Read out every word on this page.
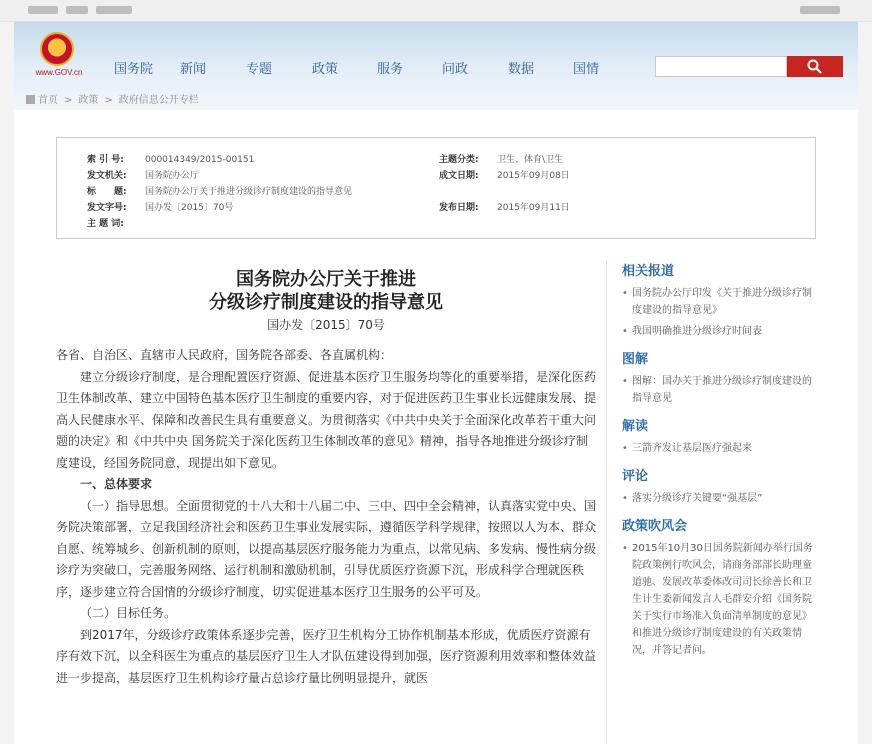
★
www.GOV.cn 国务院 新闻	专题	政策	服务	问政	数据	国情
首页 > 政策 > 政府信息公开专栏
索 引 号: 000014349/2015-00151	主题分类: 卫生、体育\卫生
发文机关: 国务院办公厅	成文日期: 2015年09月08日
标　　题: 国务院办公厅关于推进分级诊疗制度建设的指导意见
发文字号: 国办发〔2015〕70号	发布日期: 2015年09月11日
主 题 词:
国务院办公厅关于推进
分级诊疗制度建设的指导意见
国办发〔2015〕70号

各省、自治区、直辖市人民政府，国务院各部委、各直属机构：

建立分级诊疗制度，是合理配置医疗资源、促进基本医疗卫生服务均等化的重要举措，是深化医药卫生体制改革、建立中国特色基本医疗卫生制度的重要内容，对于促进医药卫生事业长远健康发展、提高人民健康水平、保障和改善民生具有重要意义。为贯彻落实《中共中央关于全面深化改革若干重大问题的决定》和《中共中央 国务院关于深化医药卫生体制改革的意见》精神，指导各地推进分级诊疗制度建设，经国务院同意，现提出如下意见。

一、总体要求

（一）指导思想。全面贯彻党的十八大和十八届二中、三中、四中全会精神，认真落实党中央、国务院决策部署，立足我国经济社会和医药卫生事业发展实际，遵循医学科学规律，按照以人为本、群众自愿、统筹城乡、创新机制的原则，以提高基层医疗服务能力为重点，以常见病、多发病、慢性病分级诊疗为突破口，完善服务网络、运行机制和激励机制，引导优质医疗资源下沉，形成科学合理就医秩序，逐步建立符合国情的分级诊疗制度，切实促进基本医疗卫生服务的公平可及。

（二）目标任务。

到2017年，分级诊疗政策体系逐步完善，医疗卫生机构分工协作机制基本形成，优质医疗资源有序有效下沉，以全科医生为重点的基层医疗卫生人才队伍建设得到加强，医疗资源利用效率和整体效益进一步提高，基层医疗卫生机构诊疗量占总诊疗量比例明显提升，就医

相关报道
• 国务院办公厅印发《关于推进分级诊疗制度建设的指导意见》
• 我国明确推进分级诊疗时间表
图解
• 图解：国办关于推进分级诊疗制度建设的指导意见
解读
• 三箭齐发让基层医疗强起来
评论
• 落实分级诊疗关键要“强基层”
政策吹风会
• 2015年10月30日国务院新闻办举行国务院政策例行吹风会，请商务部部长助理童道驰、发展改革委体改司司长徐善长和卫生计生委新闻发言人毛群安介绍《国务院关于实行市场准入负面清单制度的意见》和推进分级诊疗制度建设的有关政策情况，并答记者问。
